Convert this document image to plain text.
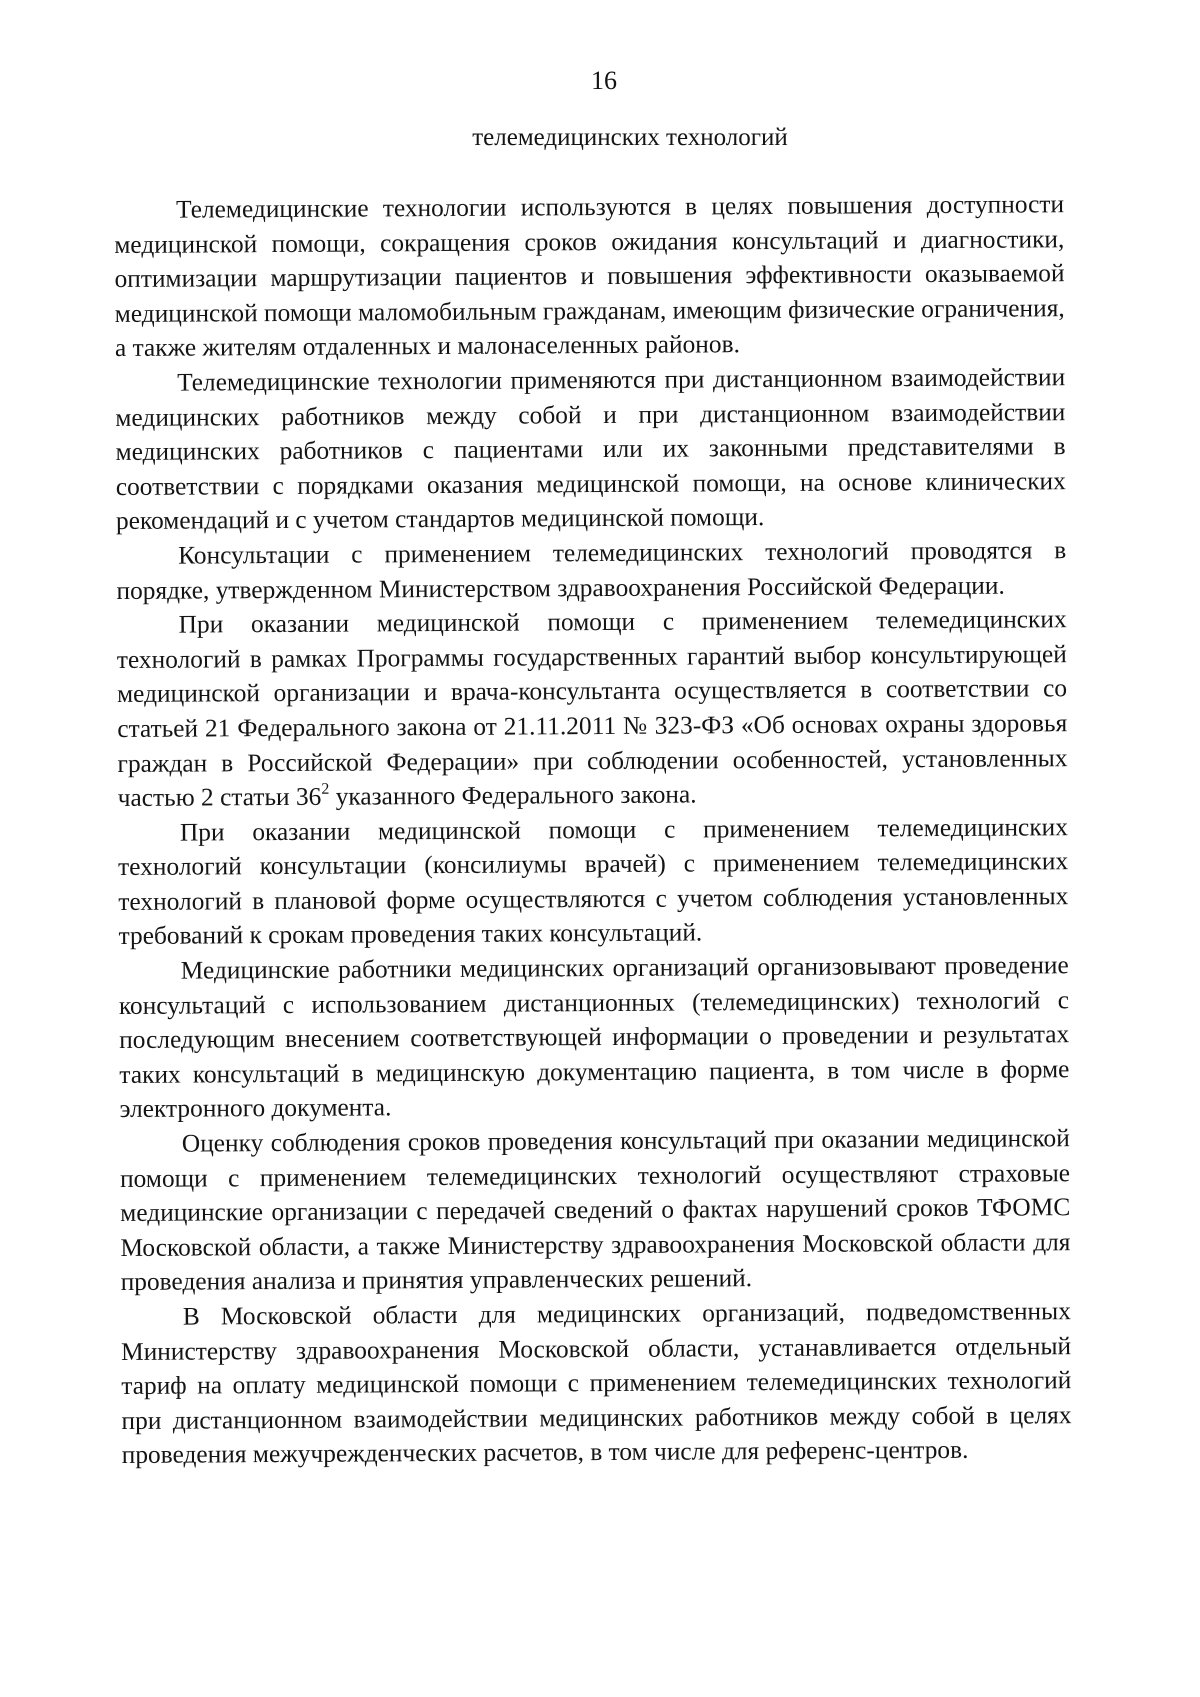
16
телемедицинских технологий

Телемедицинские технологии используются в целях повышения доступности медицинской помощи, сокращения сроков ожидания консультаций и диагностики, оптимизации маршрутизации пациентов и повышения эффективности оказываемой медицинской помощи маломобильным гражданам, имеющим физические ограничения, а также жителям отдаленных и малонаселенных районов.

Телемедицинские технологии применяются при дистанционном взаимодействии медицинских работников между собой и при дистанционном взаимодействии медицинских работников с пациентами или их законными представителями в соответствии с порядками оказания медицинской помощи, на основе клинических рекомендаций и с учетом стандартов медицинской помощи.

Консультации с применением телемедицинских технологий проводятся в порядке, утвержденном Министерством здравоохранения Российской Федерации.

При оказании медицинской помощи с применением телемедицинских технологий в рамках Программы государственных гарантий выбор консультирующей медицинской организации и врача-консультанта осуществляется в соответствии со статьей 21 Федерального закона от 21.11.2011 № 323-ФЗ «Об основах охраны здоровья граждан в Российской Федерации» при соблюдении особенностей, установленных частью 2 статьи $36^2$ указанного Федерального закона.

При оказании медицинской помощи с применением телемедицинских технологий консультации (консилиумы врачей) с применением телемедицинских технологий в плановой форме осуществляются с учетом соблюдения установленных требований к срокам проведения таких консультаций.

Медицинские работники медицинских организаций организовывают проведение консультаций с использованием дистанционных (телемедицинских) технологий с последующим внесением соответствующей информации о проведении и результатах таких консультаций в медицинскую документацию пациента, в том числе в форме электронного документа.

Оценку соблюдения сроков проведения консультаций при оказании медицинской помощи с применением телемедицинских технологий осуществляют страховые медицинские организации с передачей сведений о фактах нарушений сроков ТФОМС Московской области, а также Министерству здравоохранения Московской области для проведения анализа и принятия управленческих решений.

В Московской области для медицинских организаций, подведомственных Министерству здравоохранения Московской области, устанавливается отдельный тариф на оплату медицинской помощи с применением телемедицинских технологий при дистанционном взаимодействии медицинских работников между собой в целях проведения межучрежденческих расчетов, в том числе для референс-центров.
